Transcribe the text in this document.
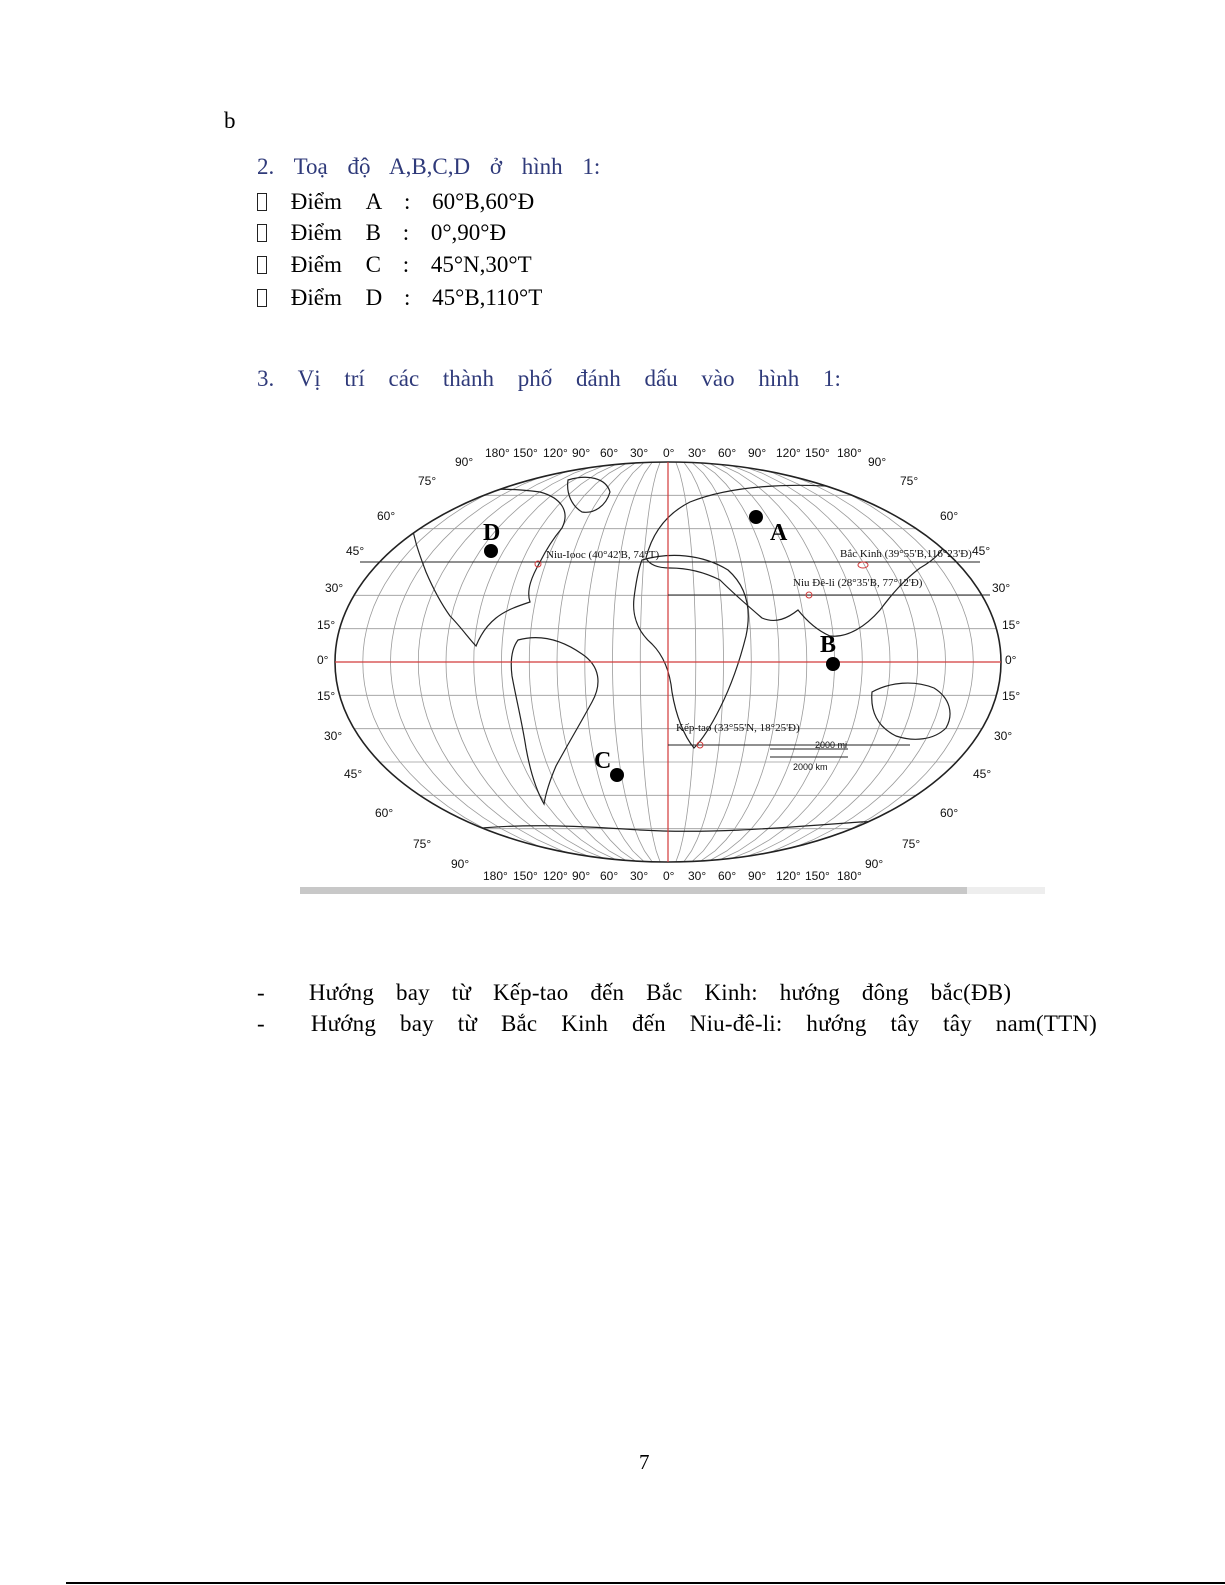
b
2. Toạ độ A,B,C,D ở hình 1:
Điểm A : 60°B,60°Đ
Điểm B : 0°,90°Đ
Điểm C : 45°N,30°T
Điểm D : 45°B,110°T
3. Vị trí các thành phố đánh dấu vào hình 1:
180° 150° 120° 90° 60° 30° 0° 30° 60° 90° 120° 150° 180°
180° 150° 120° 90° 60° 30° 0° 30° 60° 90° 120° 150° 180°
90°
75°
60°
45°
30°
15°
0°
15°
30°
45°
60°
75°
90°
90°
75°
60°
45°
30°
15°
0°
15°
30°
45°
60°
75°
90°
A
B
C
D
Niu-Iooc (40°42'B, 74°T)	Bắc Kinh (39°55'B,116°23'Đ)
Niu Đê-li (28°35'B, 77°12'Đ)
Kếp-tao (33°55'N, 18°25'Đ)
2000 mi
2000 km
- Hướng bay từ Kếp-tao đến Bắc Kinh: hướng đông bắc(ĐB)
- Hướng bay từ Bắc Kinh đến Niu-đê-li: hướng tây tây nam(TTN)
7
